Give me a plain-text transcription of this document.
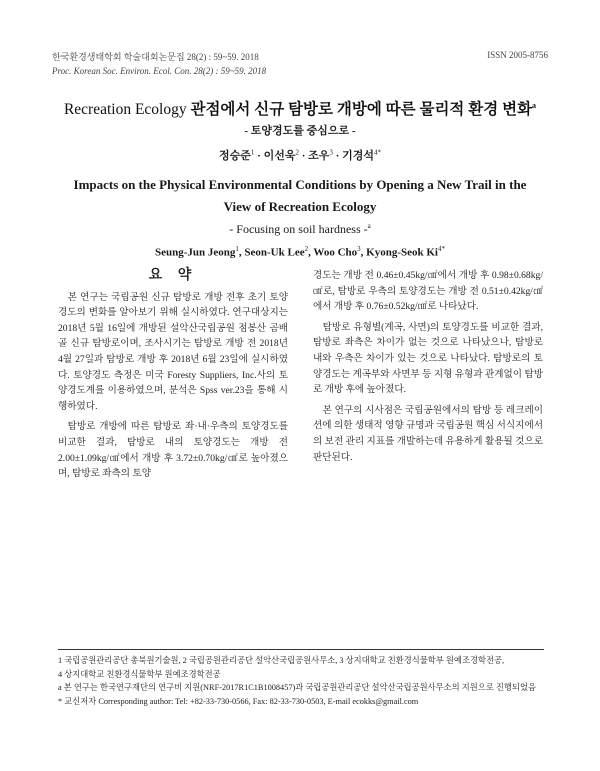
한국환경생태학회 학술대회논문집 28(2) : 59~59. 2018
Proc. Korean Soc. Environ. Ecol. Con. 28(2) : 59~59. 2018
ISSN 2005-8756
Recreation Ecology 관점에서 신규 탐방로 개방에 따른 물리적 환경 변화$^a$
- 토양경도를 중심으로 -
정승준$^1$ · 이선욱$^2$ · 조우$^3$ · 기경석$^{4*}$
Impacts on the Physical Environmental Conditions by Opening a New Trail in the View of Recreation Ecology
- Focusing on soil hardness -$^a$
Seung-Jun Jeong$^1$, Seon-Uk Lee$^2$, Woo Cho$^3$, Kyong-Seok $Ki^{4*}$
요 약

본 연구는 국립공원 신규 탐방로 개방 전후 초기 토양경도의 변화를 알아보기 위해 실시하였다. 연구대상지는 2018년 5월 16일에 개방된 설악산국립공원 점봉산 곰배골 신규 탐방로이며, 조사시기는 탐방로 개방 전 2018년 4월 27일과 탐방로 개방 후 2018년 6월 23일에 실시하였다. 토양경도 측정은 미국 Foresty Suppliers, Inc.사의 토양경도계를 이용하였으며, 분석은 Spss ver.23을 통해 시행하였다.

탐방로 개방에 따른 탐방로 좌·내·우측의 토양경도를 비교한 결과, 탐방로 내의 토양경도는 개방 전 2.00±1.09kg/㎠에서 개방 후 3.72±0.70kg/㎠로 높아졌으며, 탐방로 좌측의 토양

경도는 개방 전 0.46±0.45kg/㎠에서 개방 후 0.98±0.68kg/㎠로, 탐방로 우측의 토양경도는 개방 전 0.51±0.42kg/㎠에서 개방 후 0.76±0.52kg/㎠로 나타났다.

탐방로 유형별(계곡, 사면)의 토양경도를 비교한 결과, 탐방로 좌측은 차이가 없는 것으로 나타났으나, 탐방로 내와 우측은 차이가 있는 것으로 나타났다. 탐방로의 토양경도는 계곡부와 사면부 등 지형 유형과 관계없이 탐방로 개방 후에 높아졌다.

본 연구의 시사점은 국립공원에서의 탐방 등 레크레이션에 의한 생태적 영향 규명과 국립공원 핵심 서식지에서의 보전 관리 지표를 개발하는데 유용하게 활용될 것으로 판단된다.

1 국립공원관리공단 총북원기술원, 2 국립공원관리공단 설악산국립공원사무소, 3 상지대학교 친환경식물학부 원예조경학전공,
4 상지대학교 친환경식물학부 원예조경학전공
a 본 연구는 한국연구재단의 연구비 지원(NRF-2017R1C1B1008457)과 국립공원관리공단 설악산국립공원사무소의 지원으로 진행되었음
* 교신저자 Corresponding author: Tel: +82-33-730-0566, Fax: 82-33-730-0503, E-mail ecokks@gmail.com
